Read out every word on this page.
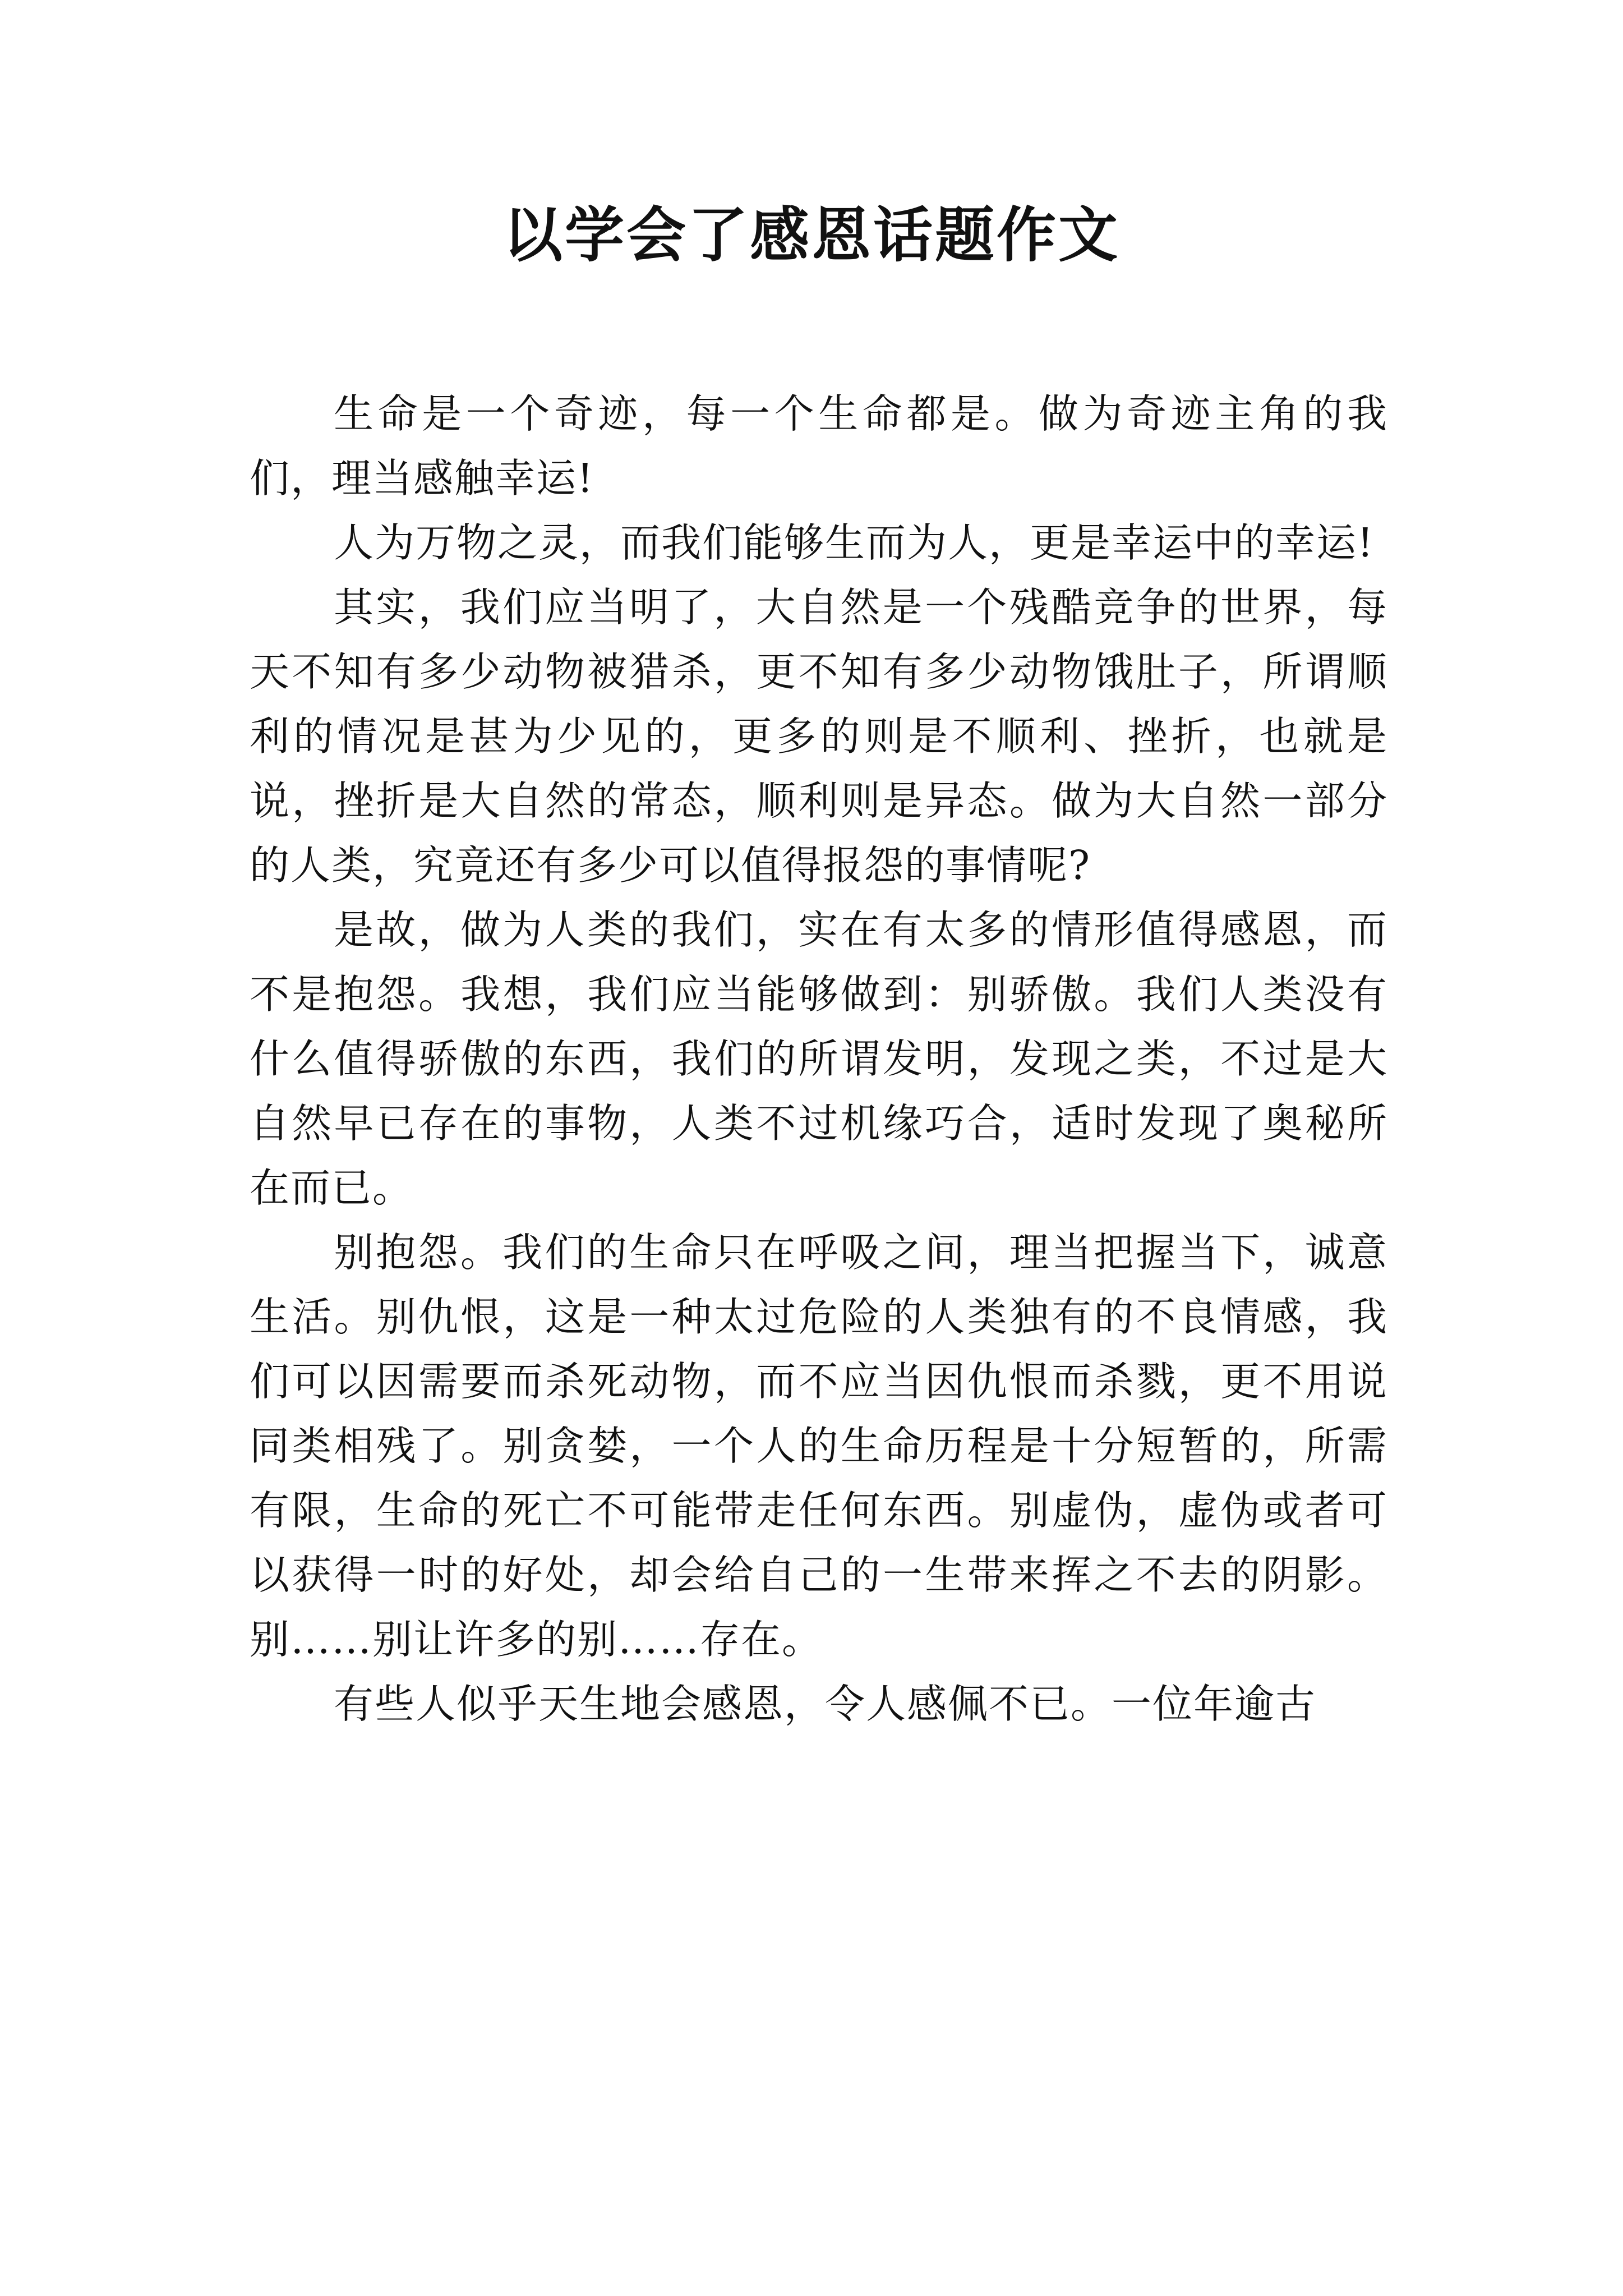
以学会了感恩话题作文

生命是一个奇迹，每一个生命都是。做为奇迹主角的我们，理当感触幸运!

人为万物之灵，而我们能够生而为人，更是幸运中的幸运!

其实，我们应当明了，大自然是一个残酷竞争的世界，每天不知有多少动物被猎杀，更不知有多少动物饿肚子，所谓顺利的情况是甚为少见的，更多的则是不顺利、挫折，也就是说，挫折是大自然的常态，顺利则是异态。做为大自然一部分的人类，究竟还有多少可以值得报怨的事情呢?

是故，做为人类的我们，实在有太多的情形值得感恩，而不是抱怨。我想，我们应当能够做到：别骄傲。我们人类没有什么值得骄傲的东西，我们的所谓发明，发现之类，不过是大自然早已存在的事物，人类不过机缘巧合，适时发现了奥秘所在而已。

别抱怨。我们的生命只在呼吸之间，理当把握当下，诚意生活。别仇恨，这是一种太过危险的人类独有的不良情感，我们可以因需要而杀死动物，而不应当因仇恨而杀戮，更不用说同类相残了。别贪婪，一个人的生命历程是十分短暂的，所需有限，生命的死亡不可能带走任何东西。别虚伪，虚伪或者可以获得一时的好处，却会给自己的一生带来挥之不去的阴影。别……别让许多的别……存在。

有些人似乎天生地会感恩，令人感佩不已。一位年逾古
